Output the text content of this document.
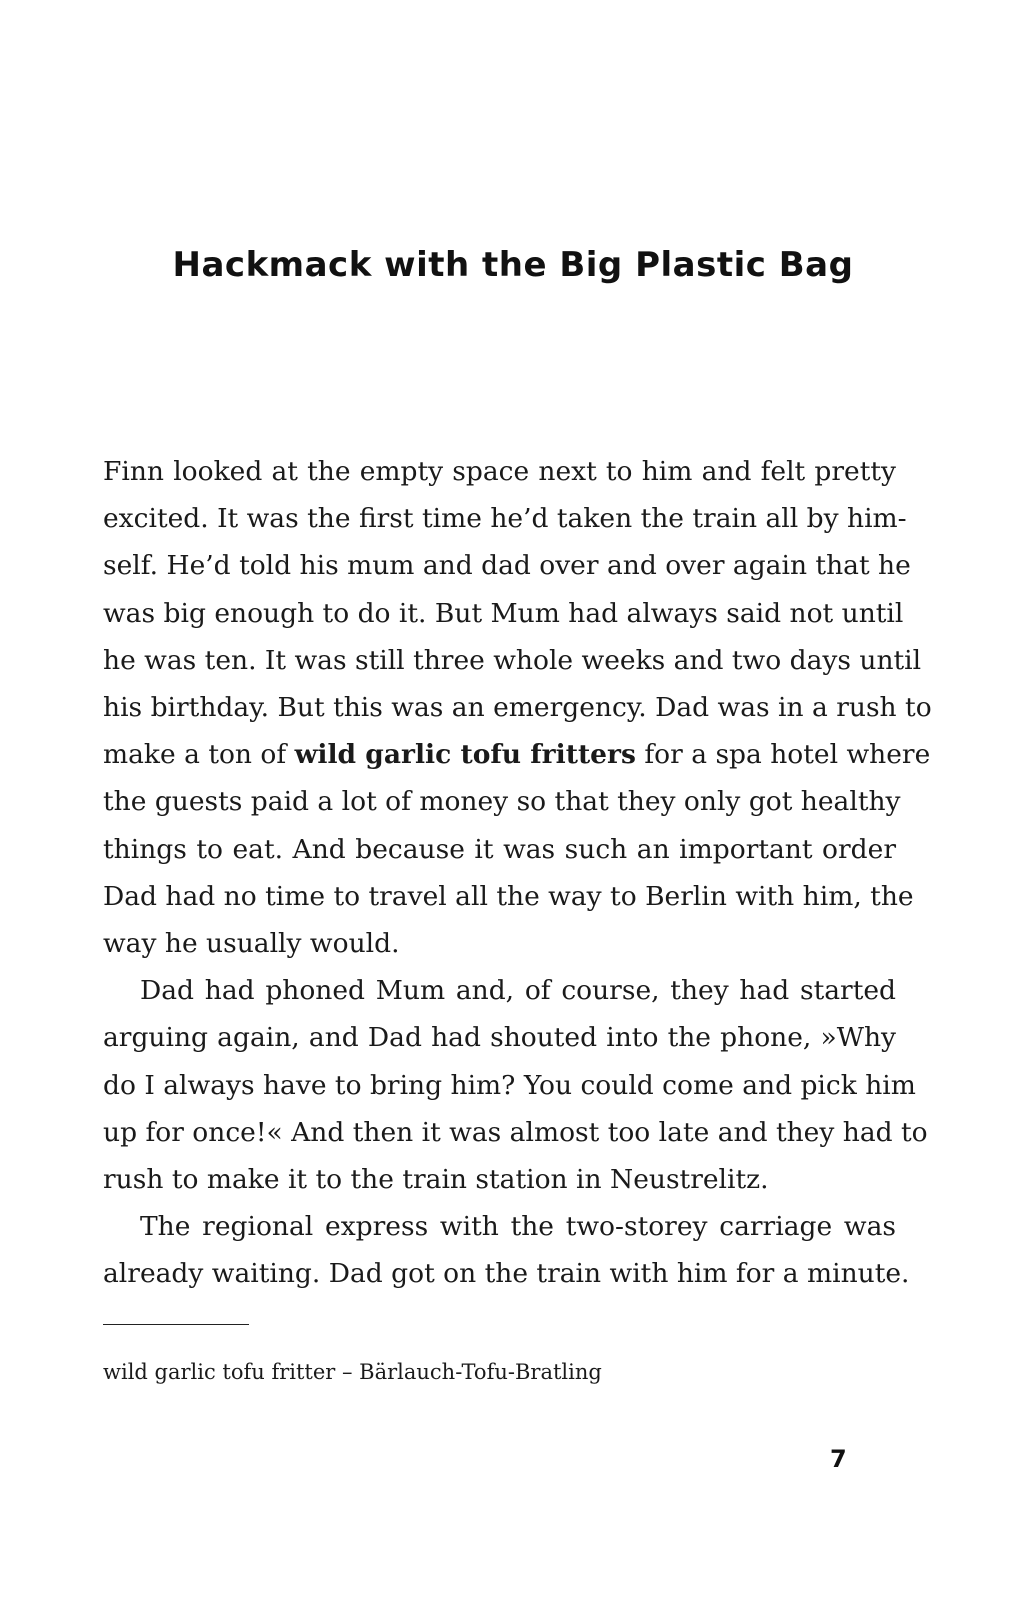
Hackmack with the Big Plastic Bag
Finn looked at the empty space next to him and felt pretty
excited. It was the first time he’d taken the train all by him-
self. He’d told his mum and dad over and over again that he
was big enough to do it. But Mum had always said not until
he was ten. It was still three whole weeks and two days until
his birthday. But this was an emergency. Dad was in a rush to
make a ton of wild garlic tofu fritters for a spa hotel where
the guests paid a lot of money so that they only got healthy
things to eat. And because it was such an important order
Dad had no time to travel all the way to Berlin with him, the
way he usually would.
Dad had phoned Mum and, of course, they had started
arguing again, and Dad had shouted into the phone, »Why
do I always have to bring him? You could come and pick him
up for once!« And then it was almost too late and they had to
rush to make it to the train station in Neustrelitz.
The regional express with the two-storey carriage was
already waiting. Dad got on the train with him for a minute.
wild garlic tofu fritter – Bärlauch-Tofu-Bratling
7
